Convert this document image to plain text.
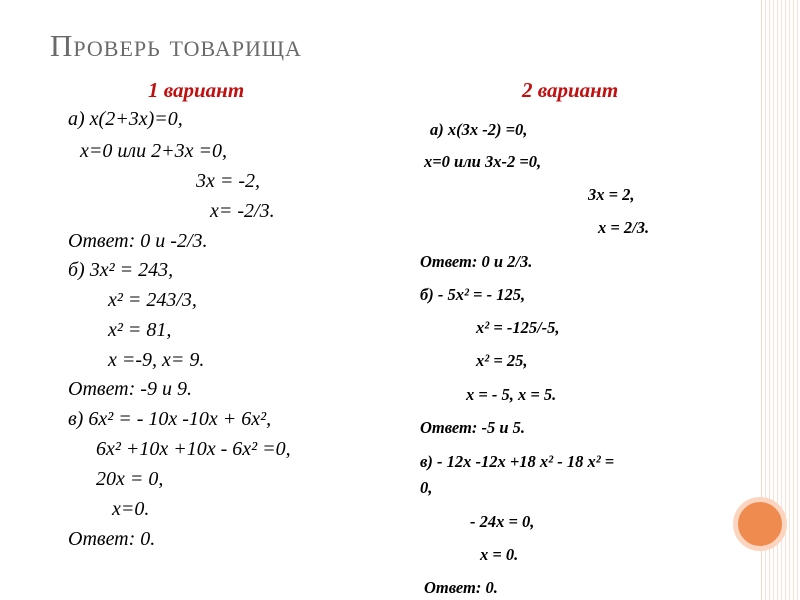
Проверь товарища
1 вариант	2 вариант
а) х(2+3х)=0,
х=0 или 2+3х =0,
3х = -2,
х= -2/3.
Ответ: 0 и -2/3.
б) 3х² = 243,
х² = 243/3,
х² = 81,
х =-9, х= 9.
Ответ: -9 и 9.
в) 6х² = - 10х -10х + 6х²,
6х² +10х +10х - 6х² =0,
20х = 0,
х=0.
Ответ: 0.
а) х(3х -2) =0,
х=0 или 3х-2 =0,
3х = 2,
х = 2/3.
Ответ: 0 и 2/3.
б) - 5х² = - 125,
х² = -125/-5,
х² = 25,
х = - 5, х = 5.
Ответ: -5 и 5.
в) - 12х -12х +18 х² - 18 х² =
0,
- 24х = 0,
х = 0.
Ответ: 0.
